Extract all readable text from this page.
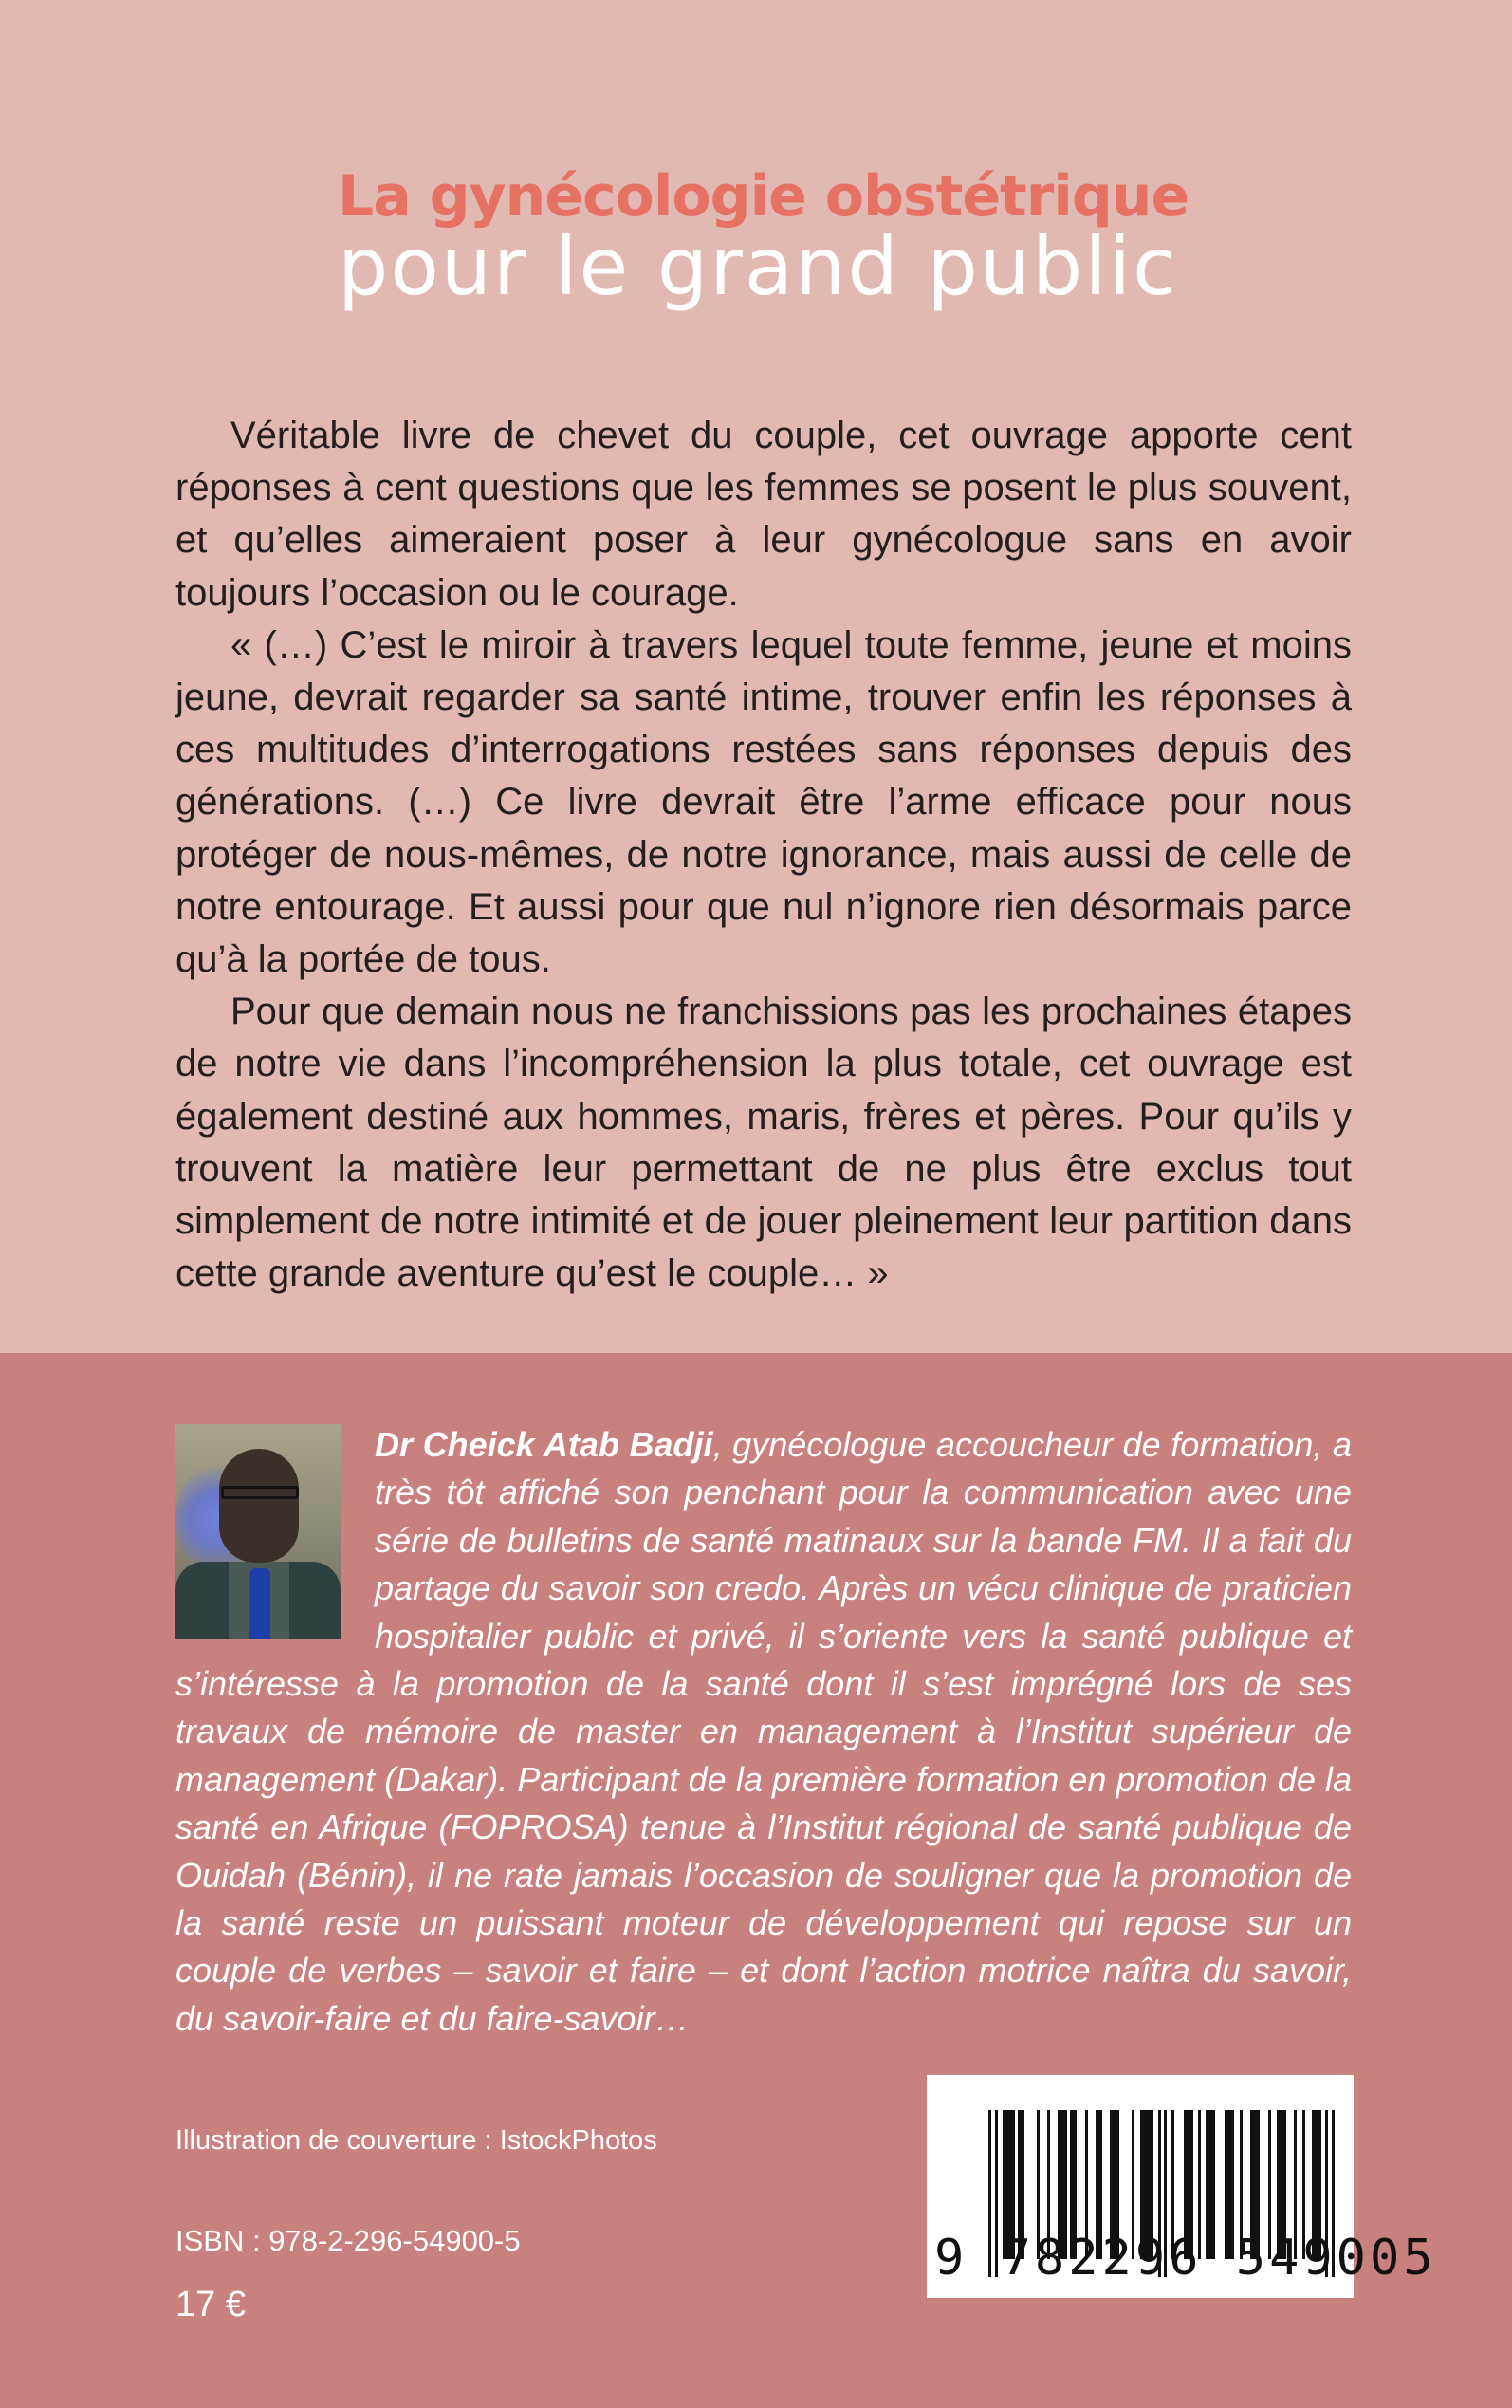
La gynécologie obstétrique
pour le grand public

Véritable livre de chevet du couple, cet ouvrage apporte cent réponses à cent questions que les femmes se posent le plus souvent, et qu’elles aimeraient poser à leur gynécologue sans en avoir toujours l’occasion ou le courage.

« (…) C’est le miroir à travers lequel toute femme, jeune et moins jeune, devrait regarder sa santé intime, trouver enfin les réponses à ces multitudes d’interrogations restées sans réponses depuis des générations. (…) Ce livre devrait être l’arme efficace pour nous protéger de nous-mêmes, de notre ignorance, mais aussi de celle de notre entourage. Et aussi pour que nul n’ignore rien désormais parce qu’à la portée de tous.

Pour que demain nous ne franchissions pas les prochaines étapes de notre vie dans l’incompréhension la plus totale, cet ouvrage est également destiné aux hommes, maris, frères et pères. Pour qu’ils y trouvent la matière leur permettant de ne plus être exclus tout simplement de notre intimité et de jouer pleinement leur partition dans cette grande aventure qu’est le couple… »

Dr Cheick Atab Badji, gynécologue accoucheur de formation, a très tôt affiché son penchant pour la communication avec une série de bulletins de santé matinaux sur la bande FM. Il a fait du partage du savoir son credo. Après un vécu clinique de praticien hospitalier public et privé, il s’oriente vers la santé publique et s’intéresse à la promotion de la santé dont il s’est imprégné lors de ses travaux de mémoire de master en management à l’Institut supérieur de management (Dakar). Participant de la première formation en promotion de la santé en Afrique (FOPROSA) tenue à l’Institut régional de santé publique de Ouidah (Bénin), il ne rate jamais l’occasion de souligner que la promotion de la santé reste un puissant moteur de développement qui repose sur un couple de verbes – savoir et faire – et dont l’action motrice naîtra du savoir, du savoir-faire et du faire-savoir…
Illustration de couverture : IstockPhotos
ISBN : 978-2-296-54900-5
17 €
9 782296 549005
